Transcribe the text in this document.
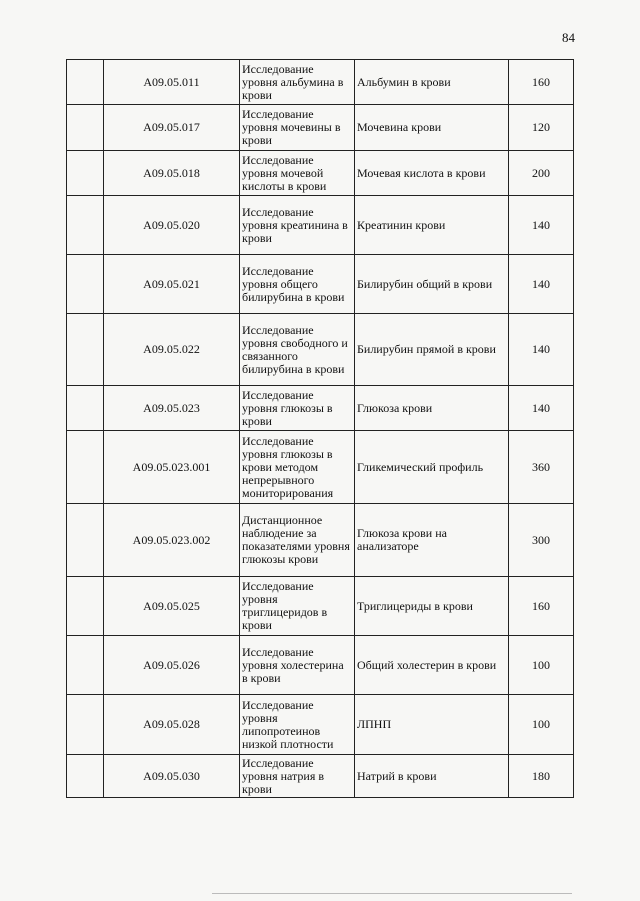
84
	A09.05.011	Исследование уровня альбумина в крови	Альбумин в крови	160
	A09.05.017	Исследование уровня мочевины в крови	Мочевина крови	120
	A09.05.018	Исследование уровня мочевой кислоты в крови	Мочевая кислота в крови	200
	A09.05.020	Исследование уровня креатинина в крови	Креатинин крови	140
	A09.05.021	Исследование уровня общего билирубина в крови	Билирубин общий в крови	140
	A09.05.022	Исследование уровня свободного и связанного билирубина в крови	Билирубин прямой в крови	140
	A09.05.023	Исследование уровня глюкозы в крови	Глюкоза крови	140
	A09.05.023.001	Исследование уровня глюкозы в крови методом непрерывного мониторирования	Гликемический профиль	360
	A09.05.023.002	Дистанционное наблюдение за показателями уровня глюкозы крови	Глюкоза крови на анализаторе	300
	A09.05.025	Исследование уровня триглицеридов в крови	Триглицериды в крови	160
	A09.05.026	Исследование уровня холестерина в крови	Общий холестерин в крови	100
	A09.05.028	Исследование уровня липопротеинов низкой плотности	ЛПНП	100
	A09.05.030	Исследование уровня натрия в крови	Натрий в крови	180
